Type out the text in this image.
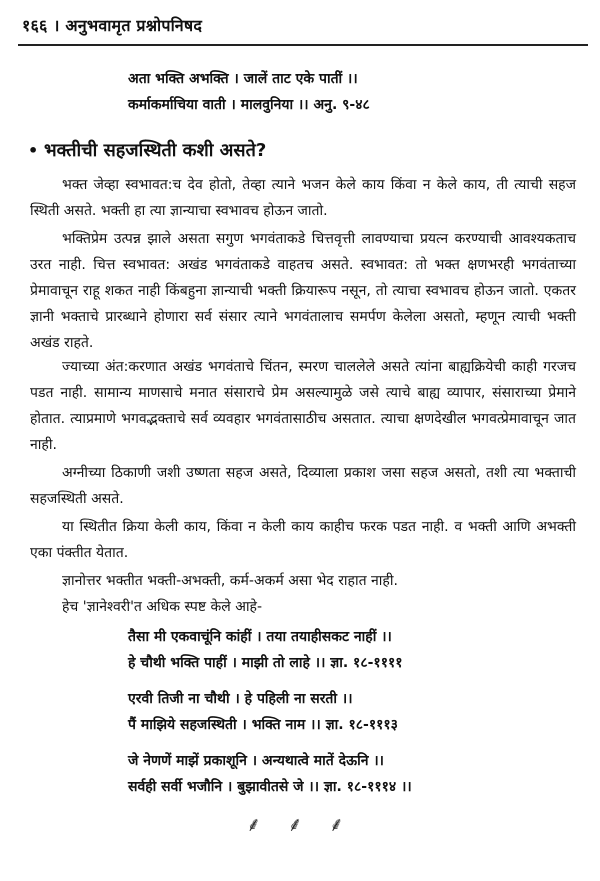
१६६ । अनुभवामृत प्रश्नोपनिषद
अता भक्ति अभक्ति । जालें ताट एके पातीं ।।
कर्माकर्माचिया वाती । मालवुनिया ।। अनु. ९-४८
• भक्तीची सहजस्थिती कशी असते?

भक्त जेव्हा स्वभावत:च देव होतो, तेव्हा त्याने भजन केले काय किंवा न केले काय, ती त्याची सहज स्थिती असते. भक्ती हा त्या ज्ञान्याचा स्वभावच होऊन जातो.

भक्तिप्रेम उत्पन्न झाले असता सगुण भगवंताकडे चित्तवृत्ती लावण्याचा प्रयत्न करण्याची आवश्यकताच उरत नाही. चित्त स्वभावत: अखंड भगवंताकडे वाहतच असते. स्वभावत: तो भक्त क्षणभरही भगवंताच्या प्रेमावाचून राहू शकत नाही किंबहुना ज्ञान्याची भक्ती क्रियारूप नसून, तो त्याचा स्वभावच होऊन जातो. एकतर ज्ञानी भक्ताचे प्रारब्धाने होणारा सर्व संसार त्याने भगवंतालाच समर्पण केलेला असतो, म्हणून त्याची भक्ती अखंड राहते.

ज्याच्या अंत:करणात अखंड भगवंताचे चिंतन, स्मरण चाललेले असते त्यांना बाह्यक्रियेची काही गरजच पडत नाही. सामान्य माणसाचे मनात संसाराचे प्रेम असल्यामुळे जसे त्याचे बाह्य व्यापार, संसाराच्या प्रेमाने होतात. त्याप्रमाणे भगवद्भक्ताचे सर्व व्यवहार भगवंतासाठीच असतात. त्याचा क्षणदेखील भगवत्प्रेमावाचून जात नाही.

अग्नीच्या ठिकाणी जशी उष्णता सहज असते, दिव्याला प्रकाश जसा सहज असतो, तशी त्या भक्ताची सहजस्थिती असते.

या स्थितीत क्रिया केली काय, किंवा न केली काय काहीच फरक पडत नाही. व भक्ती आणि अभक्ती एका पंक्तीत येतात.

ज्ञानोत्तर भक्तीत भक्ती-अभक्ती, कर्म-अकर्म असा भेद राहात नाही.

हेच 'ज्ञानेश्वरी'त अधिक स्पष्ट केले आहे-

तैसा मी एकवाचूंनि कांहीं । तया तयाहीसकट नाहीं ।।
हे चौथी भक्ति पाहीं । माझी तो लाहे ।। ज्ञा. १८-११११
एरवी तिजी ना चौथी । हे पहिली ना सरती ।।
पैं माझिये सहजस्थिती । भक्ति नाम ।। ज्ञा. १८-१११३
जे नेणणें माझें प्रकाशूनि । अन्यथात्वे मातें देऊनि ।।
सर्वही सर्वी भजौनि । बुझावीतसे जे ।। ज्ञा. १८-१११४ ।।
⸙ ⸙ ⸙
